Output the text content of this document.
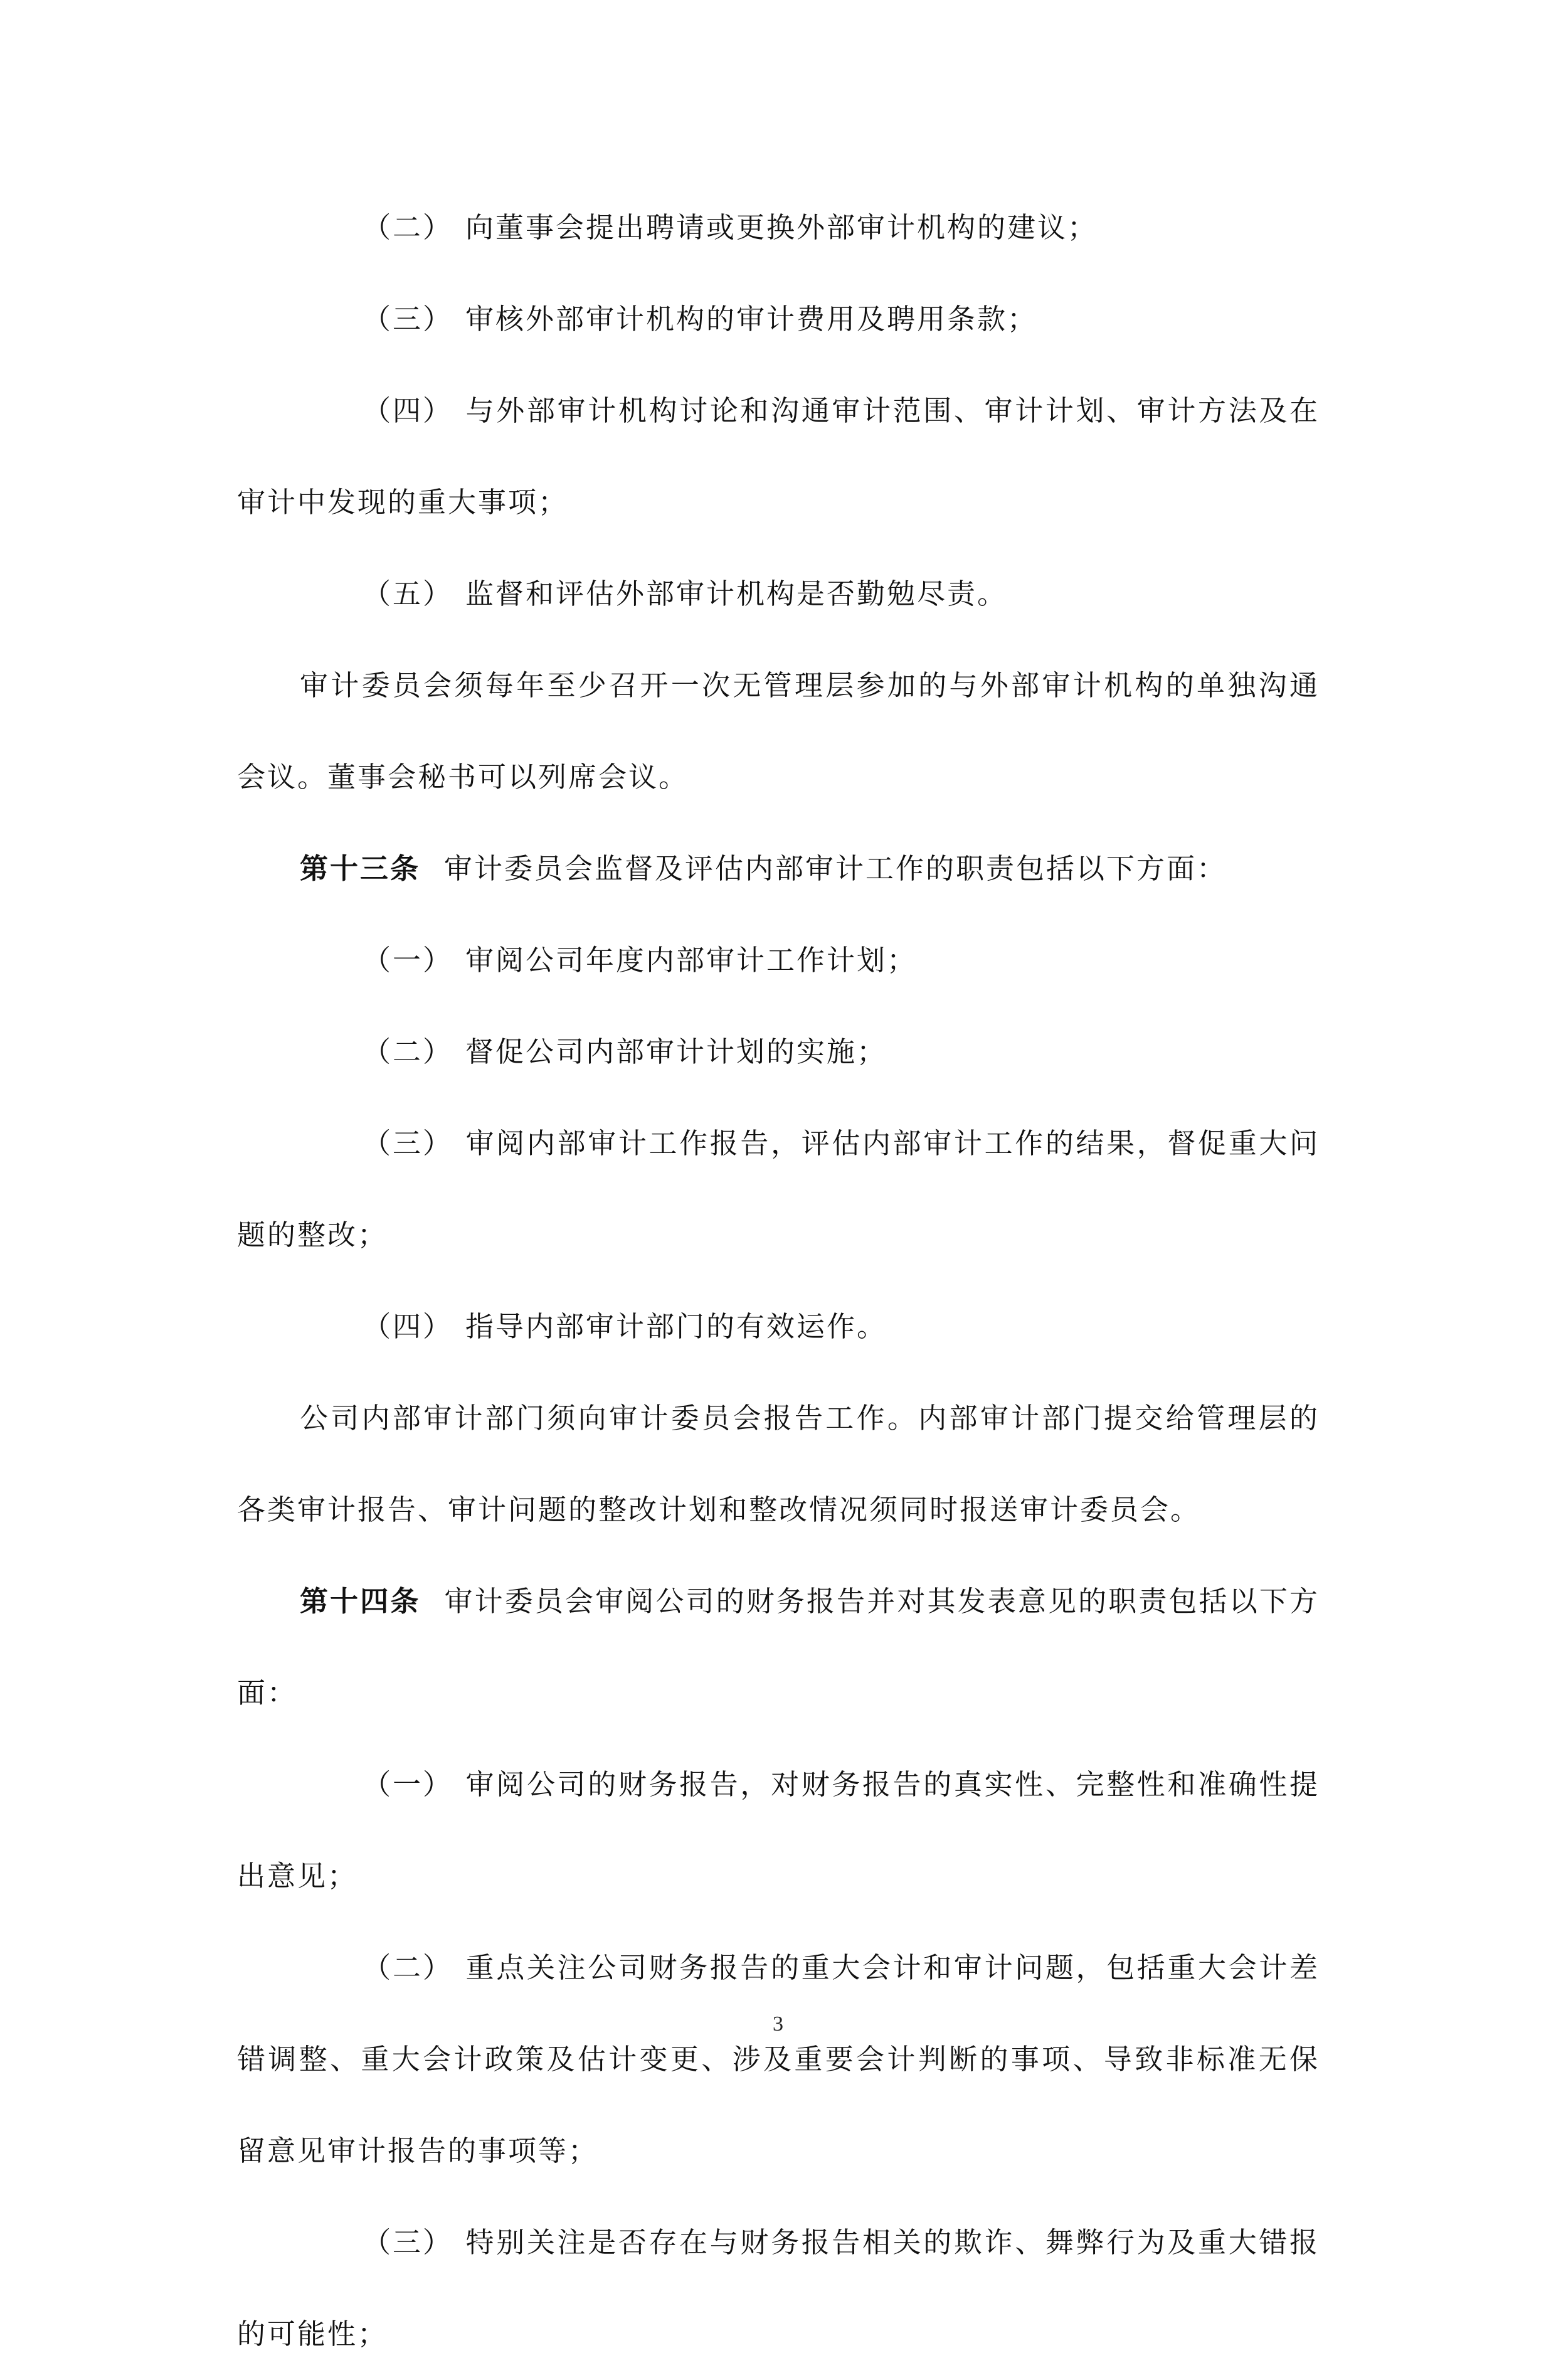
（二） 向董事会提出聘请或更换外部审计机构的建议；

（三） 审核外部审计机构的审计费用及聘用条款；

（四） 与外部审计机构讨论和沟通审计范围、审计计划、审计方法及在审计中发现的重大事项；

（五） 监督和评估外部审计机构是否勤勉尽责。

审计委员会须每年至少召开一次无管理层参加的与外部审计机构的单独沟通会议。董事会秘书可以列席会议。

第十三条 审计委员会监督及评估内部审计工作的职责包括以下方面：

（一） 审阅公司年度内部审计工作计划；

（二） 督促公司内部审计计划的实施；

（三） 审阅内部审计工作报告，评估内部审计工作的结果，督促重大问题的整改；

（四） 指导内部审计部门的有效运作。

公司内部审计部门须向审计委员会报告工作。内部审计部门提交给管理层的各类审计报告、审计问题的整改计划和整改情况须同时报送审计委员会。

第十四条 审计委员会审阅公司的财务报告并对其发表意见的职责包括以下方面：

（一） 审阅公司的财务报告，对财务报告的真实性、完整性和准确性提出意见；

（二） 重点关注公司财务报告的重大会计和审计问题，包括重大会计差错调整、重大会计政策及估计变更、涉及重要会计判断的事项、导致非标准无保留意见审计报告的事项等；

（三） 特别关注是否存在与财务报告相关的欺诈、舞弊行为及重大错报的可能性；

3
